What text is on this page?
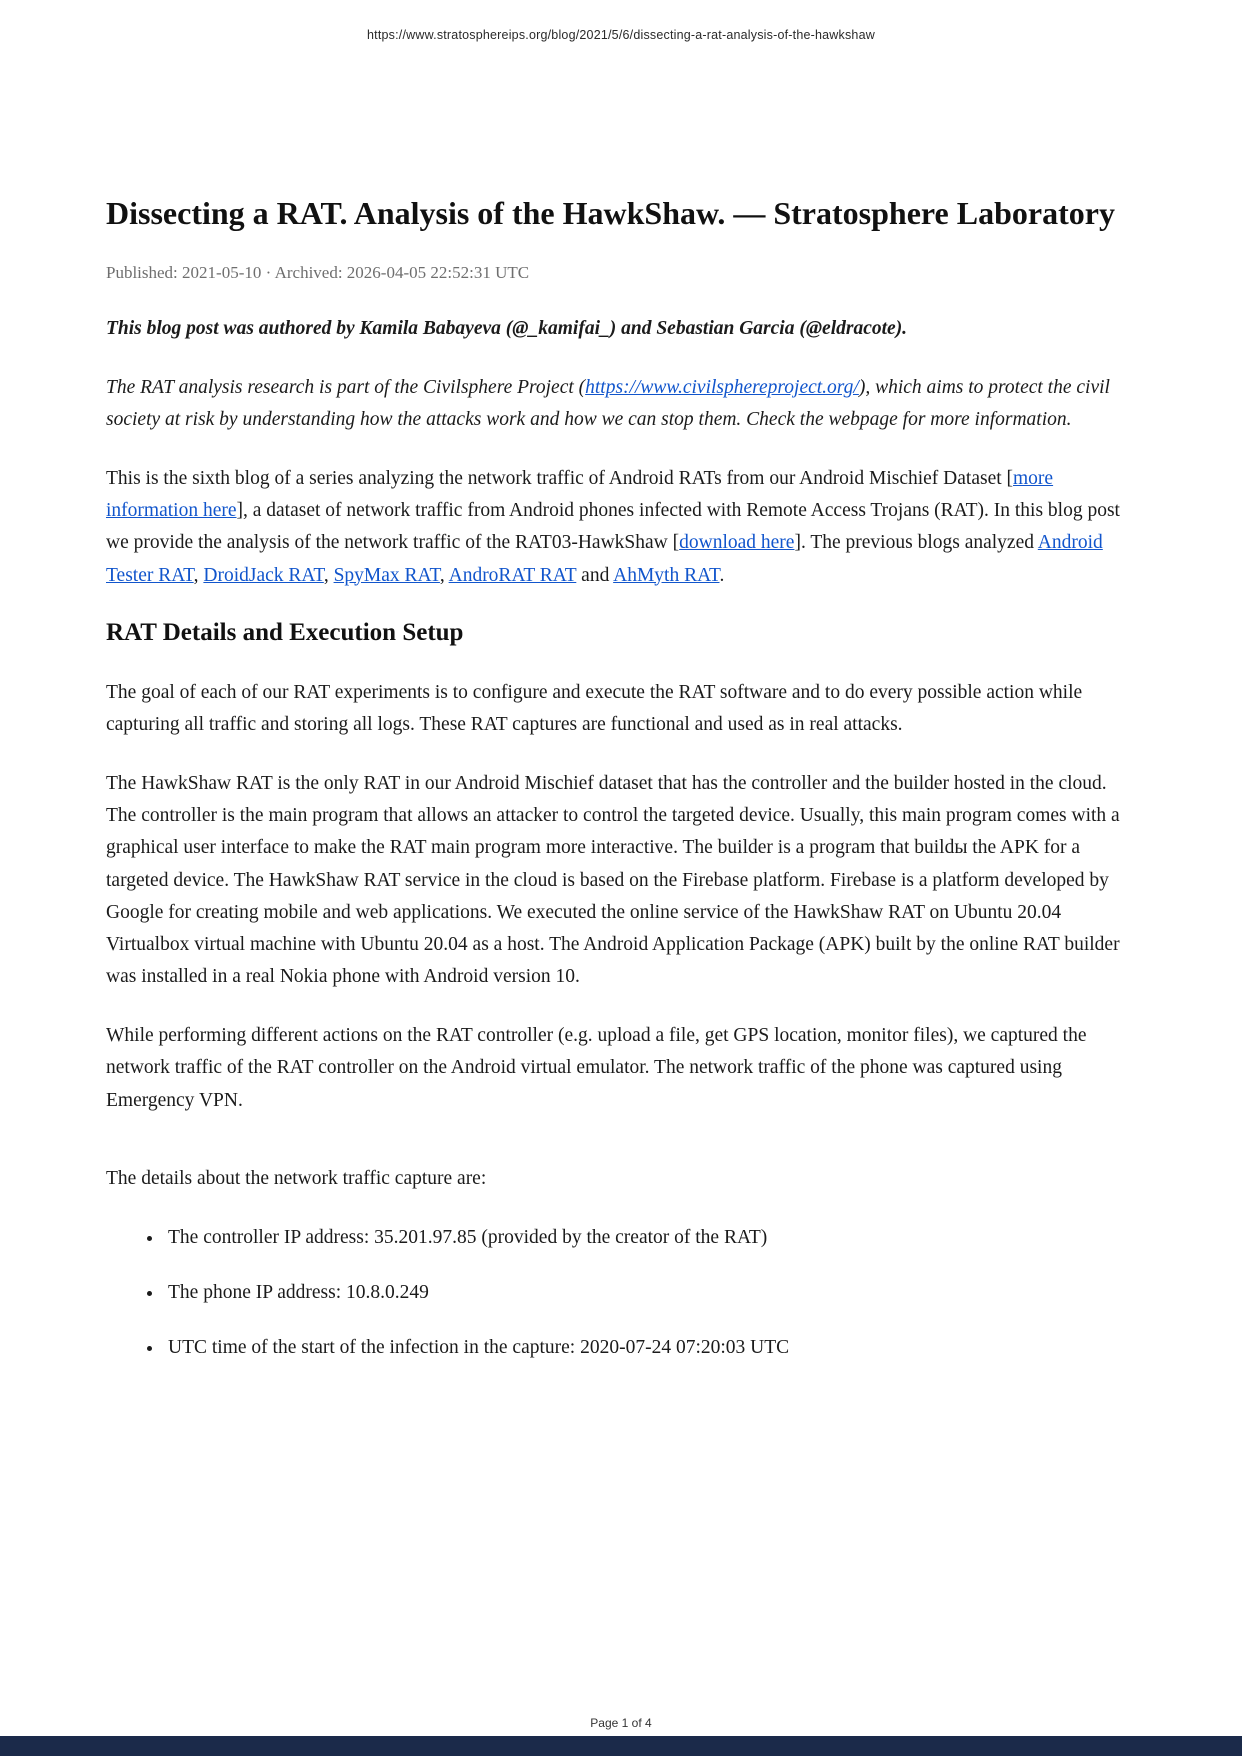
https://www.stratosphereips.org/blog/2021/5/6/dissecting-a-rat-analysis-of-the-hawkshaw
Dissecting a RAT. Analysis of the HawkShaw. — Stratosphere Laboratory
Published: 2021-05-10 · Archived: 2026-04-05 22:52:31 UTC

This blog post was authored by Kamila Babayeva (@_kamifai_) and Sebastian Garcia (@eldracote).

The RAT analysis research is part of the Civilsphere Project (https://www.civilsphereproject.org/), which aims to protect the civil society at risk by understanding how the attacks work and how we can stop them. Check the webpage for more information.

This is the sixth blog of a series analyzing the network traffic of Android RATs from our Android Mischief Dataset [more information here], a dataset of network traffic from Android phones infected with Remote Access Trojans (RAT). In this blog post we provide the analysis of the network traffic of the RAT03-HawkShaw [download here]. The previous blogs analyzed Android Tester RAT, DroidJack RAT, SpyMax RAT, AndroRAT RAT and AhMyth RAT.

RAT Details and Execution Setup

The goal of each of our RAT experiments is to configure and execute the RAT software and to do every possible action while capturing all traffic and storing all logs. These RAT captures are functional and used as in real attacks.

The HawkShaw RAT is the only RAT in our Android Mischief dataset that has the controller and the builder hosted in the cloud. The controller is the main program that allows an attacker to control the targeted device. Usually, this main program comes with a graphical user interface to make the RAT main program more interactive. The builder is a program that buildы the APK for a targeted device. The HawkShaw RAT service in the cloud is based on the Firebase platform. Firebase is a platform developed by Google for creating mobile and web applications. We executed the online service of the HawkShaw RAT on Ubuntu 20.04 Virtualbox virtual machine with Ubuntu 20.04 as a host. The Android Application Package (APK) built by the online RAT builder was installed in a real Nokia phone with Android version 10.

While performing different actions on the RAT controller (e.g. upload a file, get GPS location, monitor files), we captured the network traffic of the RAT controller on the Android virtual emulator. The network traffic of the phone was captured using Emergency VPN.

The details about the network traffic capture are:

• The controller IP address: 35.201.97.85 (provided by the creator of the RAT)
• The phone IP address: 10.8.0.249
• UTC time of the start of the infection in the capture: 2020-07-24 07:20:03 UTC
Page 1 of 4
